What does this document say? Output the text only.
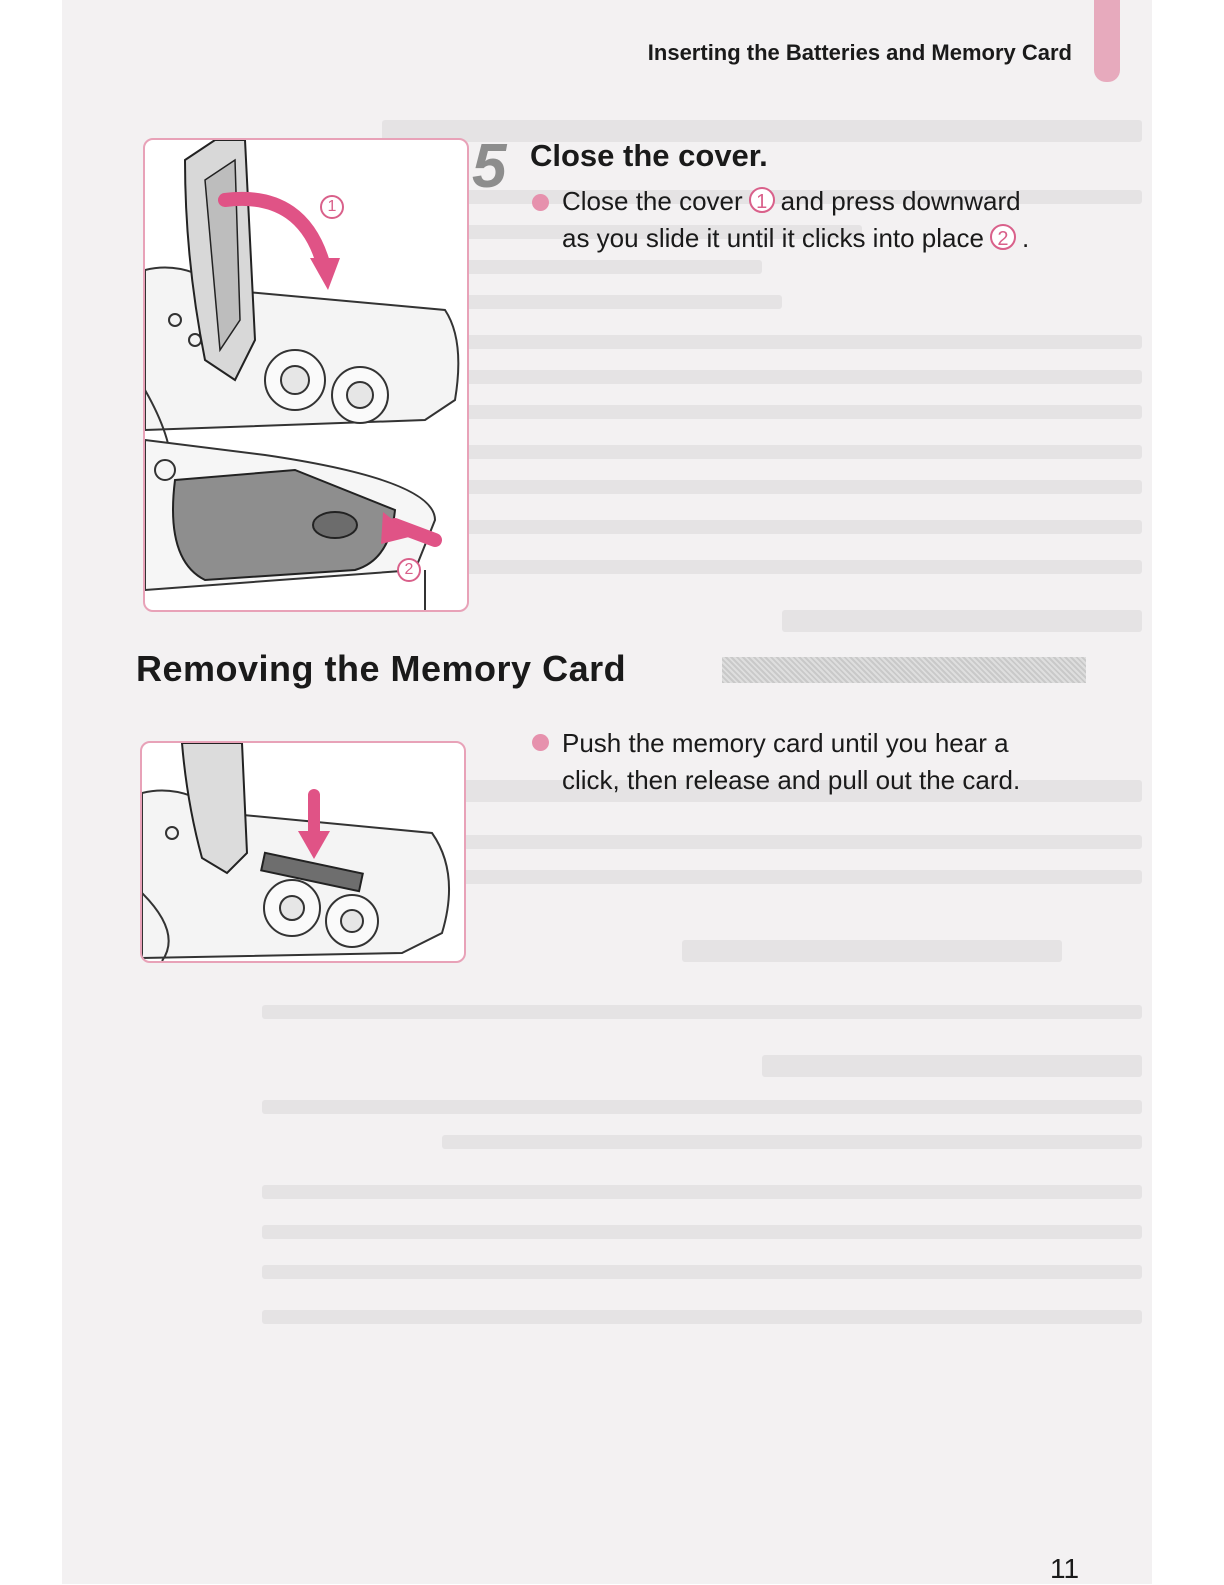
Inserting the Batteries and Memory Card
1
2
5 Close the cover.
Close the cover 1 and press downward
as you slide it until it clicks into place 2 .
Removing the Memory Card
Push the memory card until you hear a
click, then release and pull out the card.
11
